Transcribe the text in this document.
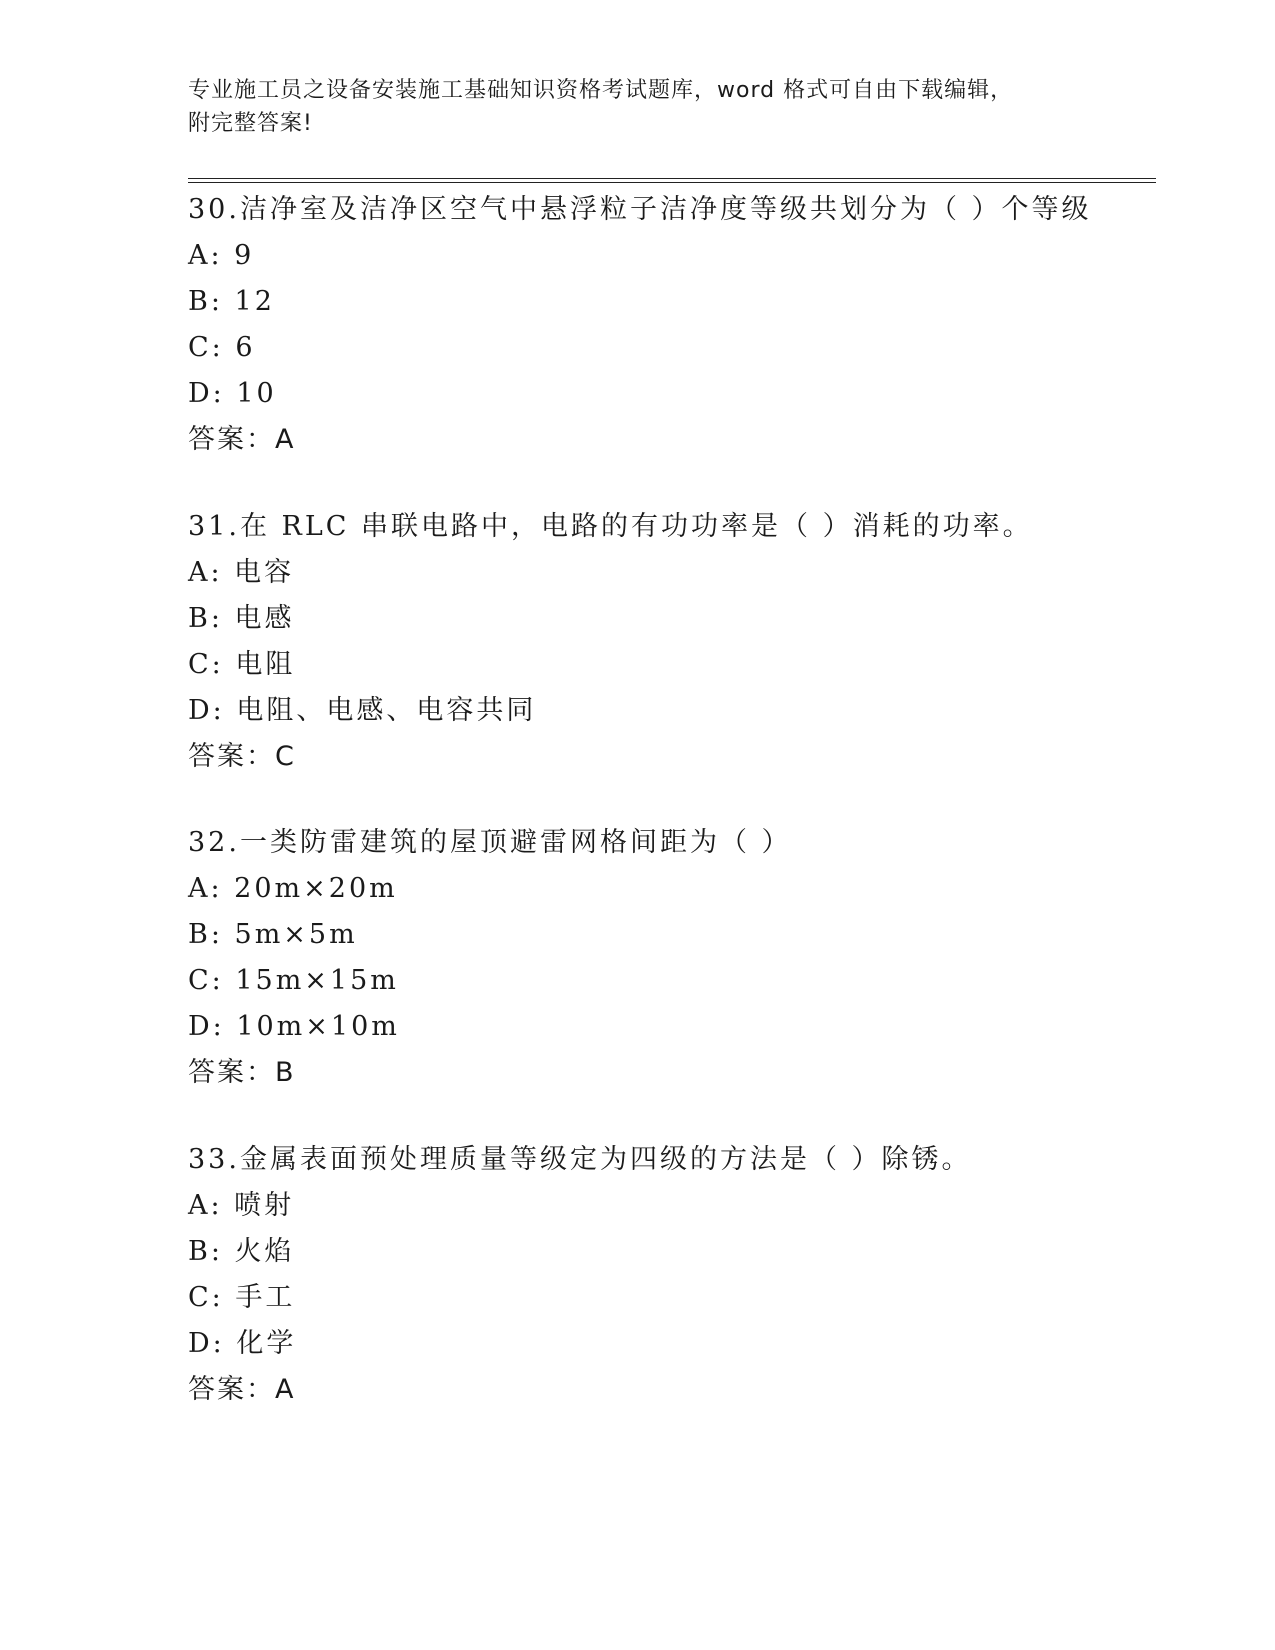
专业施工员之设备安装施工基础知识资格考试题库，word 格式可自由下载编辑，
附完整答案!
30.洁净室及洁净区空气中悬浮粒子洁净度等级共划分为（ ）个等级
A: 9
B: 12
C: 6
D: 10
答案：A
31.在 RLC 串联电路中，电路的有功功率是（ ）消耗的功率。
A: 电容
B: 电感
C: 电阻
D: 电阻、电感、电容共同
答案：C
32.一类防雷建筑的屋顶避雷网格间距为（ ）
A: 20m×20m
B: 5m×5m
C: 15m×15m
D: 10m×10m
答案：B
33.金属表面预处理质量等级定为四级的方法是（ ）除锈。
A: 喷射
B: 火焰
C: 手工
D: 化学
答案：A
